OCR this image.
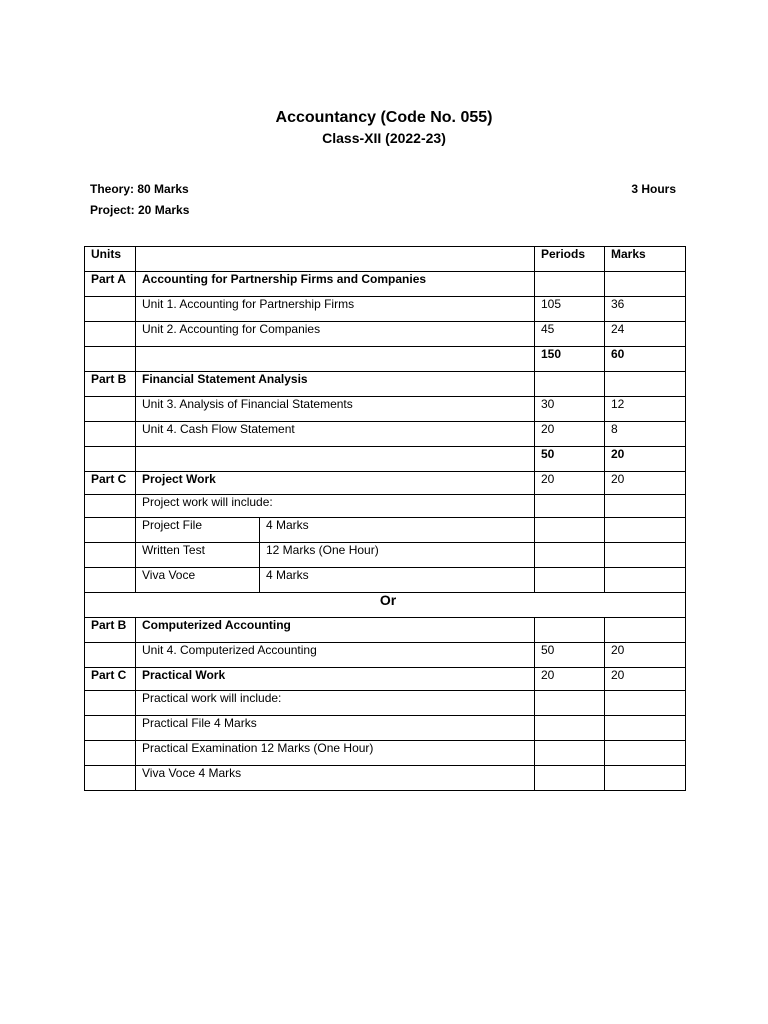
Accountancy (Code No. 055)
Class-XII (2022-23)
Theory: 80 Marks
Project: 20 Marks
3 Hours
Units			Periods	Marks
Part A	Accounting for Partnership Firms and Companies			
	Unit 1. Accounting for Partnership Firms		105	36
	Unit 2. Accounting for Companies		45	24
			150	60
Part B	Financial Statement Analysis			
	Unit 3. Analysis of Financial Statements		30	12
	Unit 4. Cash Flow Statement		20	8
			50	20
Part C	Project Work		20	20
	Project work will include:			
	Project File	4 Marks		
	Written Test	12 Marks (One Hour)		
	Viva Voce	4 Marks		
Or				
Part B	Computerized Accounting			
	Unit 4. Computerized Accounting		50	20
Part C	Practical Work		20	20
	Practical work will include:			
	Practical File 4 Marks			
	Practical Examination 12 Marks (One Hour)			
	Viva Voce 4 Marks			
